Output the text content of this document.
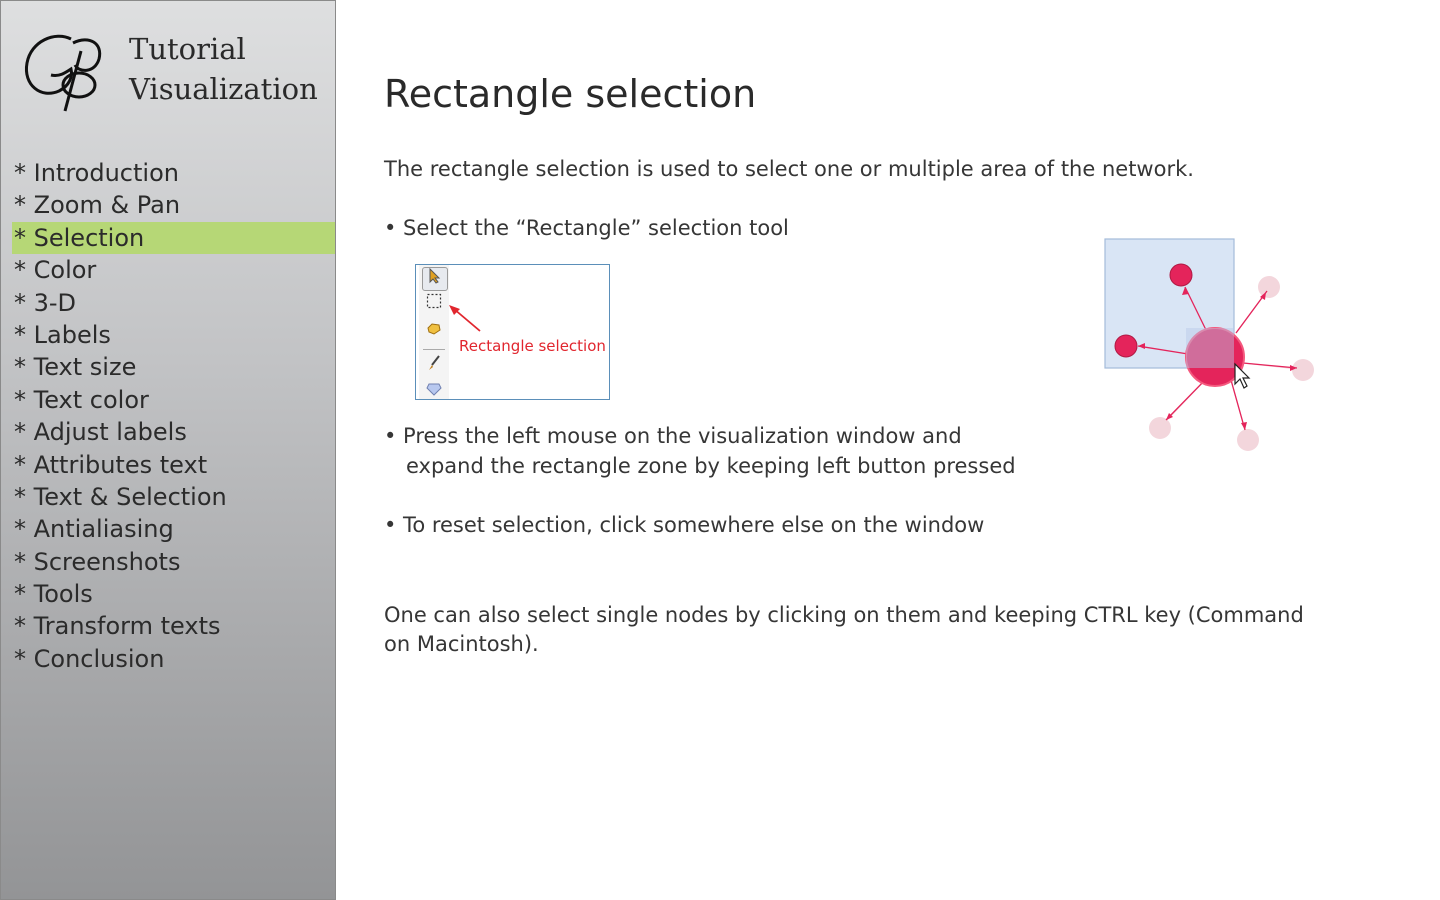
Tutorial
Visualization
* Introduction
* Zoom & Pan
* Selection
* Color
* 3-D
* Labels
* Text size
* Text color
* Adjust labels
* Attributes text
* Text & Selection
* Antialiasing
* Screenshots
* Tools
* Transform texts
* Conclusion
Rectangle selection
The rectangle selection is used to select one or multiple area of the network.
• Select the “Rectangle” selection tool
• Press the left mouse on the visualization window and
expand the rectangle zone by keeping left button pressed
• To reset selection, click somewhere else on the window
One can also select single nodes by clicking on them and keeping CTRL key (Command
on Macintosh).
Rectangle selection
